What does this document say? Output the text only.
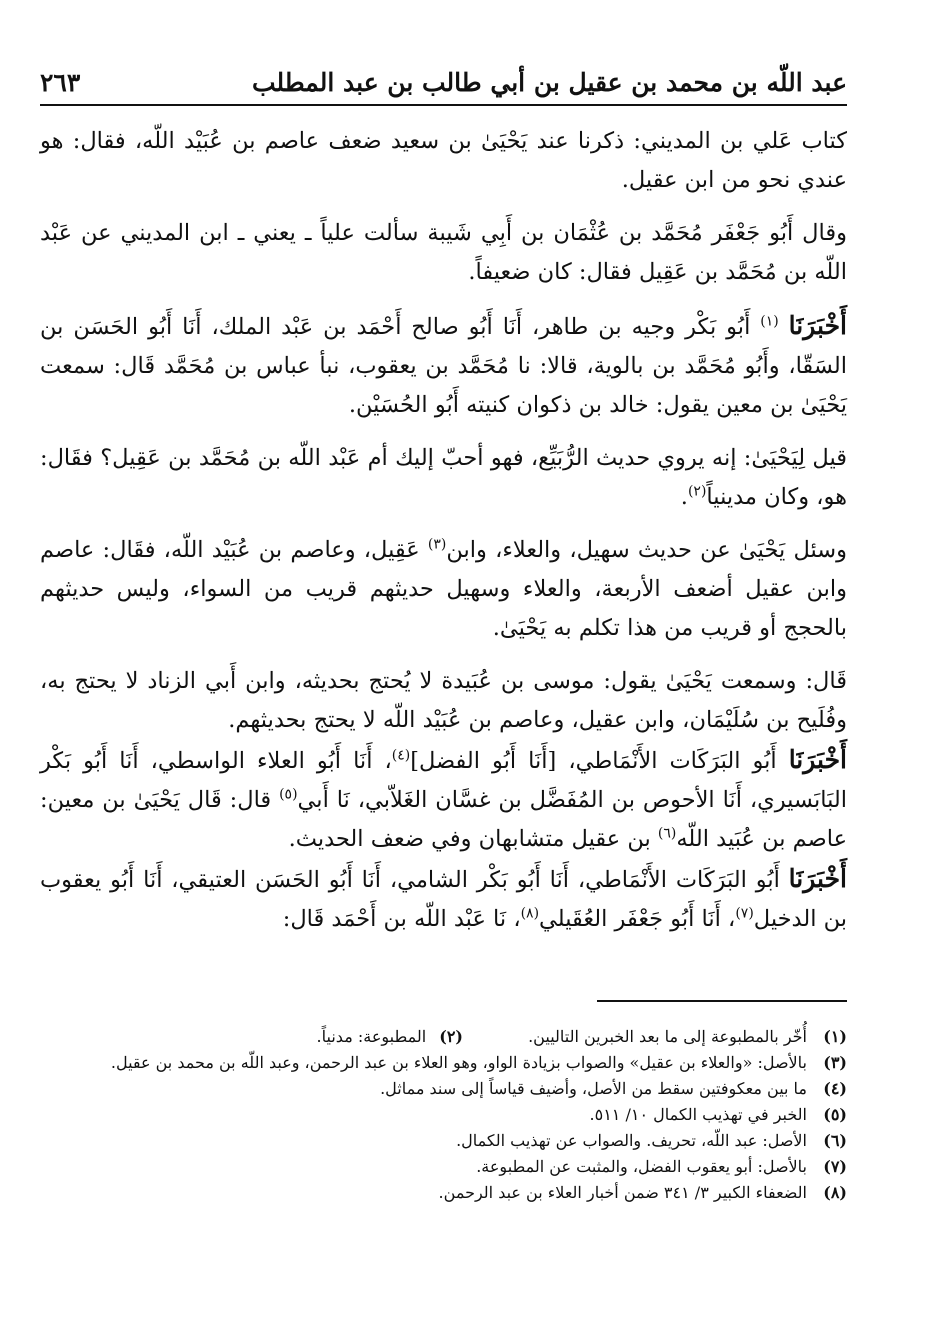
عبد اللّه بن محمد بن عقيل بن أبي طالب بن عبد المطلب
٢٦٣

كتاب عَلي بن المديني: ذكرنا عند يَحْيَىٰ بن سعيد ضعف عاصم بن عُبَيْد اللّه، فقال: هو عندي نحو من ابن عقيل.

وقال أَبُو جَعْفَر مُحَمَّد بن عُثْمَان بن أَبِي شَيبة سألت علياً ـ يعني ـ ابن المديني عن عَبْد اللّه بن مُحَمَّد بن عَقِيل فقال: كان ضعيفاً.

أَخْبَرَنَا $^{(١)}$ أَبُو بَكْر وجيه بن طاهر، أَنَا أَبُو صالح أَحْمَد بن عَبْد الملك، أَنَا أَبُو الحَسَن بن السَقّا، وأَبُو مُحَمَّد بن بالوية، قالا: نا مُحَمَّد بن يعقوب، نبأ عباس بن مُحَمَّد قَال: سمعت يَحْيَىٰ بن معين يقول: خالد بن ذكوان كنيته أَبُو الحُسَيْن.

قيل لِيَحْيَىٰ: إنه يروي حديث الرُّبَيِّع، فهو أحبّ إليك أم عَبْد اللّه بن مُحَمَّد بن عَقِيل؟ فقَال: هو، وكان مدينياً$^{(٢)}$.

وسئل يَحْيَىٰ عن حديث سهيل، والعلاء، وابن$^{(٣)}$ عَقِيل، وعاصم بن عُبَيْد اللّه، فقَال: عاصم وابن عقيل أضعف الأربعة، والعلاء وسهيل حديثهم قريب من السواء، وليس حديثهم بالحجج أو قريب من هذا تكلم به يَحْيَىٰ.

قَال: وسمعت يَحْيَىٰ يقول: موسى بن عُبَيدة لا يُحتج بحديثه، وابن أَبي الزناد لا يحتج به، وفُلَيح بن سُلَيْمَان، وابن عقيل، وعاصم بن عُبَيْد اللّه لا يحتج بحديثهم.

أَخْبَرَنَا أَبُو البَرَكَات الأَنْمَاطي، [أَنَا أَبُو الفضل]$^{(٤)}$، أَنَا أَبُو العلاء الواسطي، أَنَا أَبُو بَكْر البَابَسيري، أَنَا الأحوص بن المُفَضَّل بن غسَّان الغَلاّبي، نَا أَبي$^{(٥)}$ قال: قَال يَحْيَىٰ بن معين: عاصم بن عُبَيد اللّه$^{(٦)}$ بن عقيل متشابهان وفي ضعف الحديث.

أَخْبَرَنَا أَبُو البَرَكَات الأَنْمَاطي، أَنَا أَبُو بَكْر الشامي، أَنَا أَبُو الحَسَن العتيقي، أَنَا أَبُو يعقوب بن الدخيل$^{(٧)}$، أَنَا أَبُو جَعْفَر العُقَيلي$^{(٨)}$، نَا عَبْد اللّه بن أَحْمَد قَال:

(١)
أُخّر بالمطبوعة إلى ما بعد الخبرين التاليين. (٢) المطبوعة: مدنياً.
(٣)
بالأصل: «والعلاء بن عقيل» والصواب بزيادة الواو، وهو العلاء بن عبد الرحمن، وعبد اللّه بن محمد بن عقيل.
(٤)
ما بين معكوفتين سقط من الأصل، وأضيف قياساً إلى سند مماثل.
(٥)
الخبر في تهذيب الكمال ١٠/ ٥١١.
(٦)
الأصل: عبد اللّه، تحريف. والصواب عن تهذيب الكمال.
(٧)
بالأصل: أبو يعقوب الفضل، والمثبت عن المطبوعة.
(٨)
الضعفاء الكبير ٣/ ٣٤١ ضمن أخبار العلاء بن عبد الرحمن.
